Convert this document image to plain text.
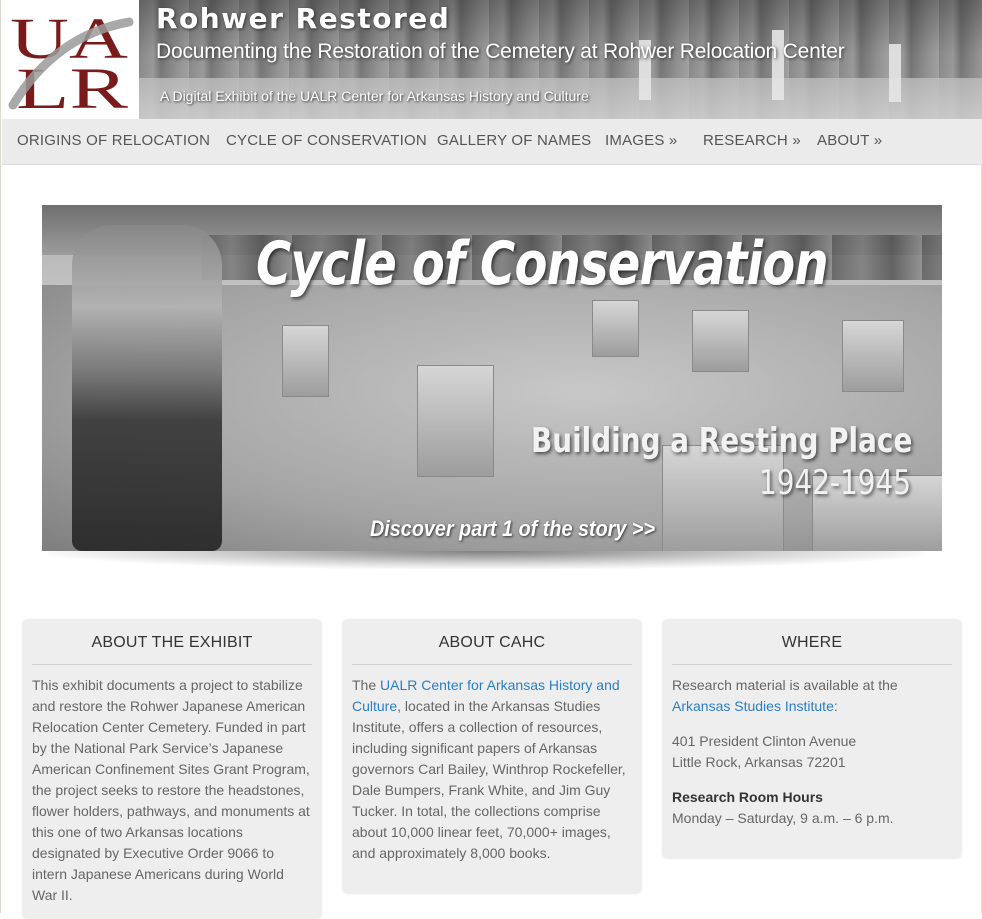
UA
LR
Rohwer Restored
Documenting the Restoration of the Cemetery at Rohwer Relocation Center
A Digital Exhibit of the UALR Center for Arkansas History and Culture
ORIGINS OF RELOCATION CYCLE OF CONSERVATION GALLERY OF NAMES IMAGES » RESEARCH » ABOUT »
Cycle of Conservation
Building a Resting Place
1942-1945
Discover part 1 of the story >>
ABOUT THE EXHIBIT

This exhibit documents a project to stabilize and restore the Rohwer Japanese American Relocation Center Cemetery. Funded in part by the National Park Service’s Japanese American Confinement Sites Grant Program, the project seeks to restore the headstones, flower holders, pathways, and monuments at this one of two Arkansas locations designated by Executive Order 9066 to intern Japanese Americans during World War II.

ABOUT CAHC

The UALR Center for Arkansas History and Culture, located in the Arkansas Studies Institute, offers a collection of resources, including significant papers of Arkansas governors Carl Bailey, Winthrop Rockefeller, Dale Bumpers, Frank White, and Jim Guy Tucker. In total, the collections comprise about 10,000 linear feet, 70,000+ images, and approximately 8,000 books.

WHERE

Research material is available at the
Arkansas Studies Institute:

401 President Clinton Avenue
Little Rock, Arkansas 72201

Research Room Hours
Monday – Saturday, 9 a.m. – 6 p.m.
